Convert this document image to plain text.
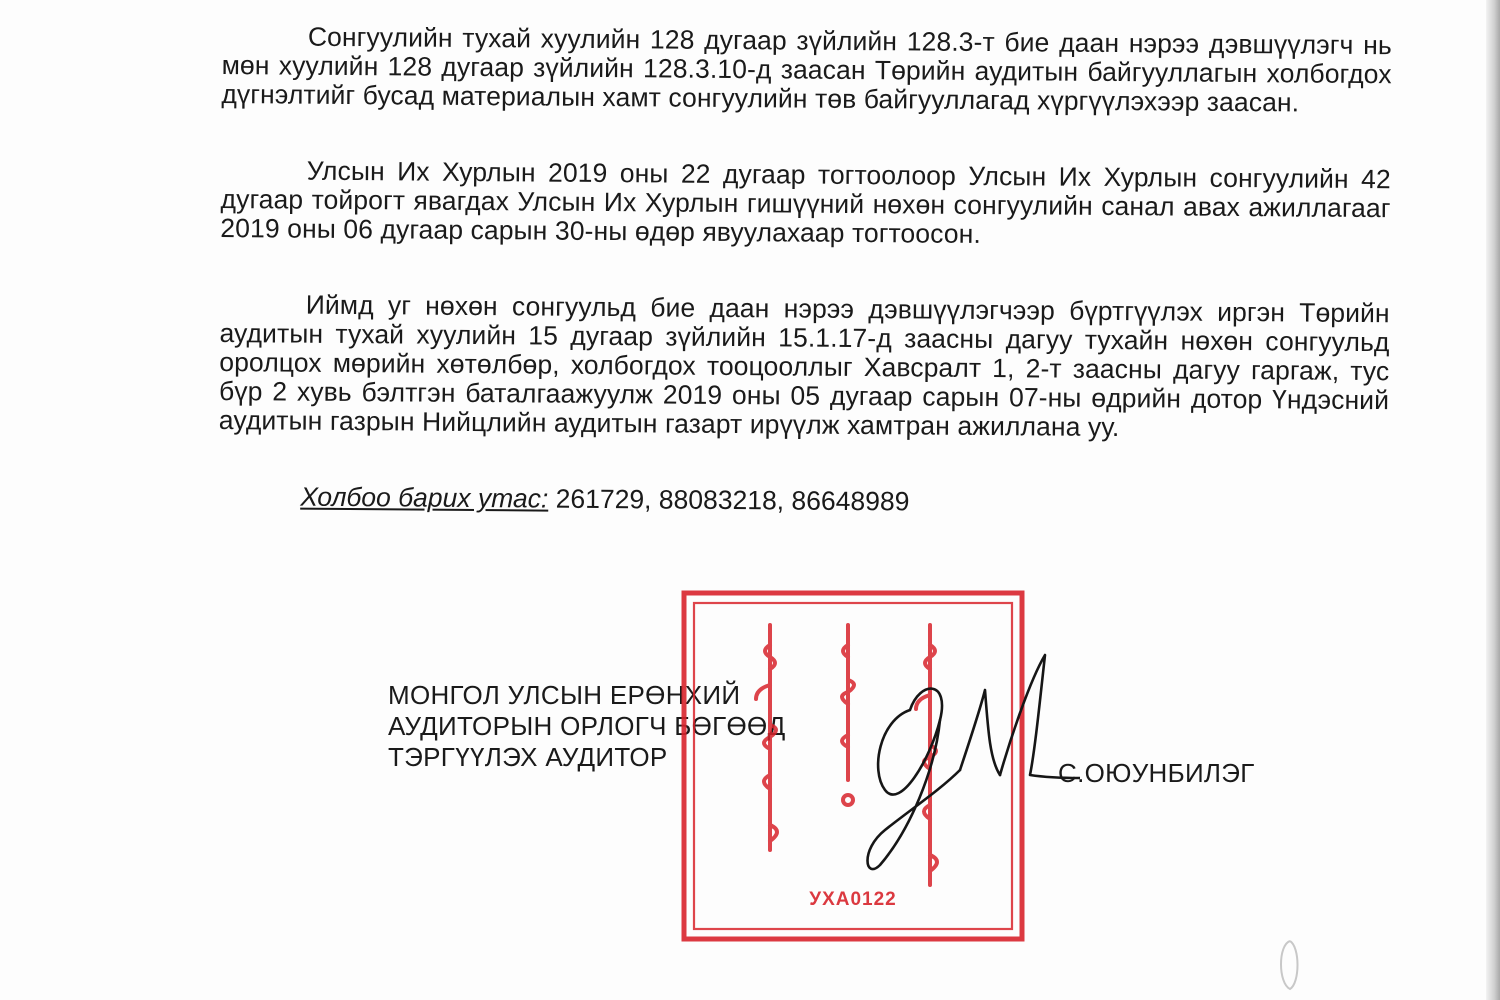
Сонгуулийн тухай хуулийн 128 дугаар зүйлийн 128.3-т бие даан нэрээ дэвшүүлэгч нь мөн хуулийн 128 дугаар зүйлийн 128.3.10-д заасан Төрийн аудитын байгууллагын холбогдох дүгнэлтийг бусад материалын хамт сонгуулийн төв байгууллагад хүргүүлэхээр заасан.

Улсын Их Хурлын 2019 оны 22 дугаар тогтоолоор Улсын Их Хурлын сонгуулийн 42 дугаар тойрогт явагдах Улсын Их Хурлын гишүүний нөхөн сонгуулийн санал авах ажиллагааг 2019 оны 06 дугаар сарын 30-ны өдөр явуулахаар тогтоосон.

Иймд уг нөхөн сонгуульд бие даан нэрээ дэвшүүлэгчээр бүртгүүлэх иргэн Төрийн аудитын тухай хуулийн 15 дугаар зүйлийн 15.1.17-д заасны дагуу тухайн нөхөн сонгуульд оролцох мөрийн хөтөлбөр, холбогдох тооцооллыг Хавсралт 1, 2-т заасны дагуу гаргаж, тус бүр 2 хувь бэлтгэн баталгаажуулж 2019 оны 05 дугаар сарын 07-ны өдрийн дотор Үндэсний аудитын газрын Нийцлийн аудитын газарт ирүүлж хамтран ажиллана уу.

Холбоо барих утас: 261729, 88083218, 86648989

МОНГОЛ УЛСЫН ЕРӨНХИЙ
АУДИТОРЫН ОРЛОГЧ БӨГӨӨД
ТЭРГҮҮЛЭХ АУДИТОР
С.ОЮУНБИЛЭГ
УХА0122
